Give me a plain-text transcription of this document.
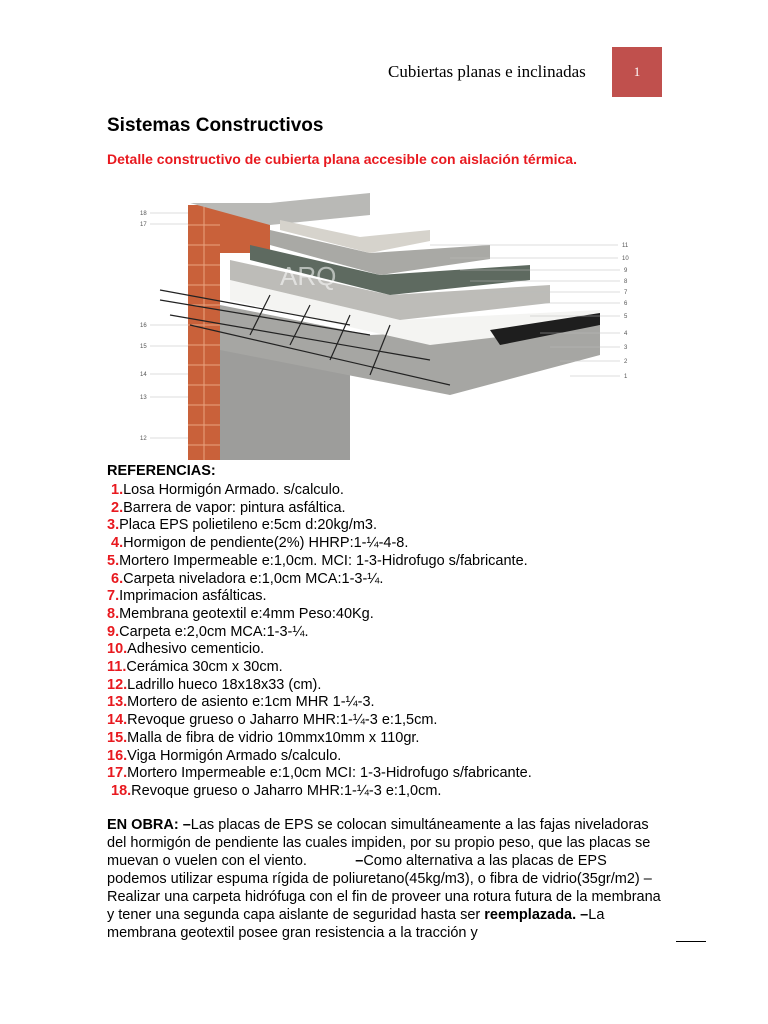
Cubiertas planas e inclinadas	1
Sistemas Constructivos
Detalle constructivo de cubierta plana accesible con aislación térmica.
ARQ
11
10
9
8
7
6
5
4
3
2
1
18
17
16
15
14
13
12
REFERENCIAS:
1.Losa Hormigón Armado. s/calculo.
2.Barrera de vapor: pintura asfáltica.
3.Placa EPS polietileno e:5cm d:20kg/m3.
4.Hormigon de pendiente(2%) HHRP:1-¼-4-8.
5.Mortero Impermeable e:1,0cm. MCI: 1-3-Hidrofugo s/fabricante.
6.Carpeta niveladora e:1,0cm MCA:1-3-¼.
7.Imprimacion asfálticas.
8.Membrana geotextil e:4mm Peso:40Kg.
9.Carpeta e:2,0cm MCA:1-3-¼.
10.Adhesivo cementicio.
11.Cerámica 30cm x 30cm.
12.Ladrillo hueco 18x18x33 (cm).
13.Mortero de asiento e:1cm MHR 1-¼-3.
14.Revoque grueso o Jaharro MHR:1-¼-3 e:1,5cm.
15.Malla de fibra de vidrio 10mmx10mm x 110gr.
16.Viga Hormigón Armado s/calculo.
17.Mortero Impermeable e:1,0cm MCI: 1-3-Hidrofugo s/fabricante.
18.Revoque grueso o Jaharro MHR:1-¼-3 e:1,0cm.
EN OBRA: –Las placas de EPS se colocan simultáneamente a las fajas niveladoras del hormigón de pendiente las cuales impiden, por su propio peso, que las placas se muevan o vuelen con el viento.	–Como alternativa a las placas de EPS podemos utilizar espuma rígida de poliuretano(45kg/m3), o fibra de vidrio(35gr/m2) –Realizar una carpeta hidrófuga con el fin de proveer una rotura futura de la membrana y tener una segunda capa aislante de seguridad hasta ser reemplazada. –La membrana geotextil posee gran resistencia a la tracción y
